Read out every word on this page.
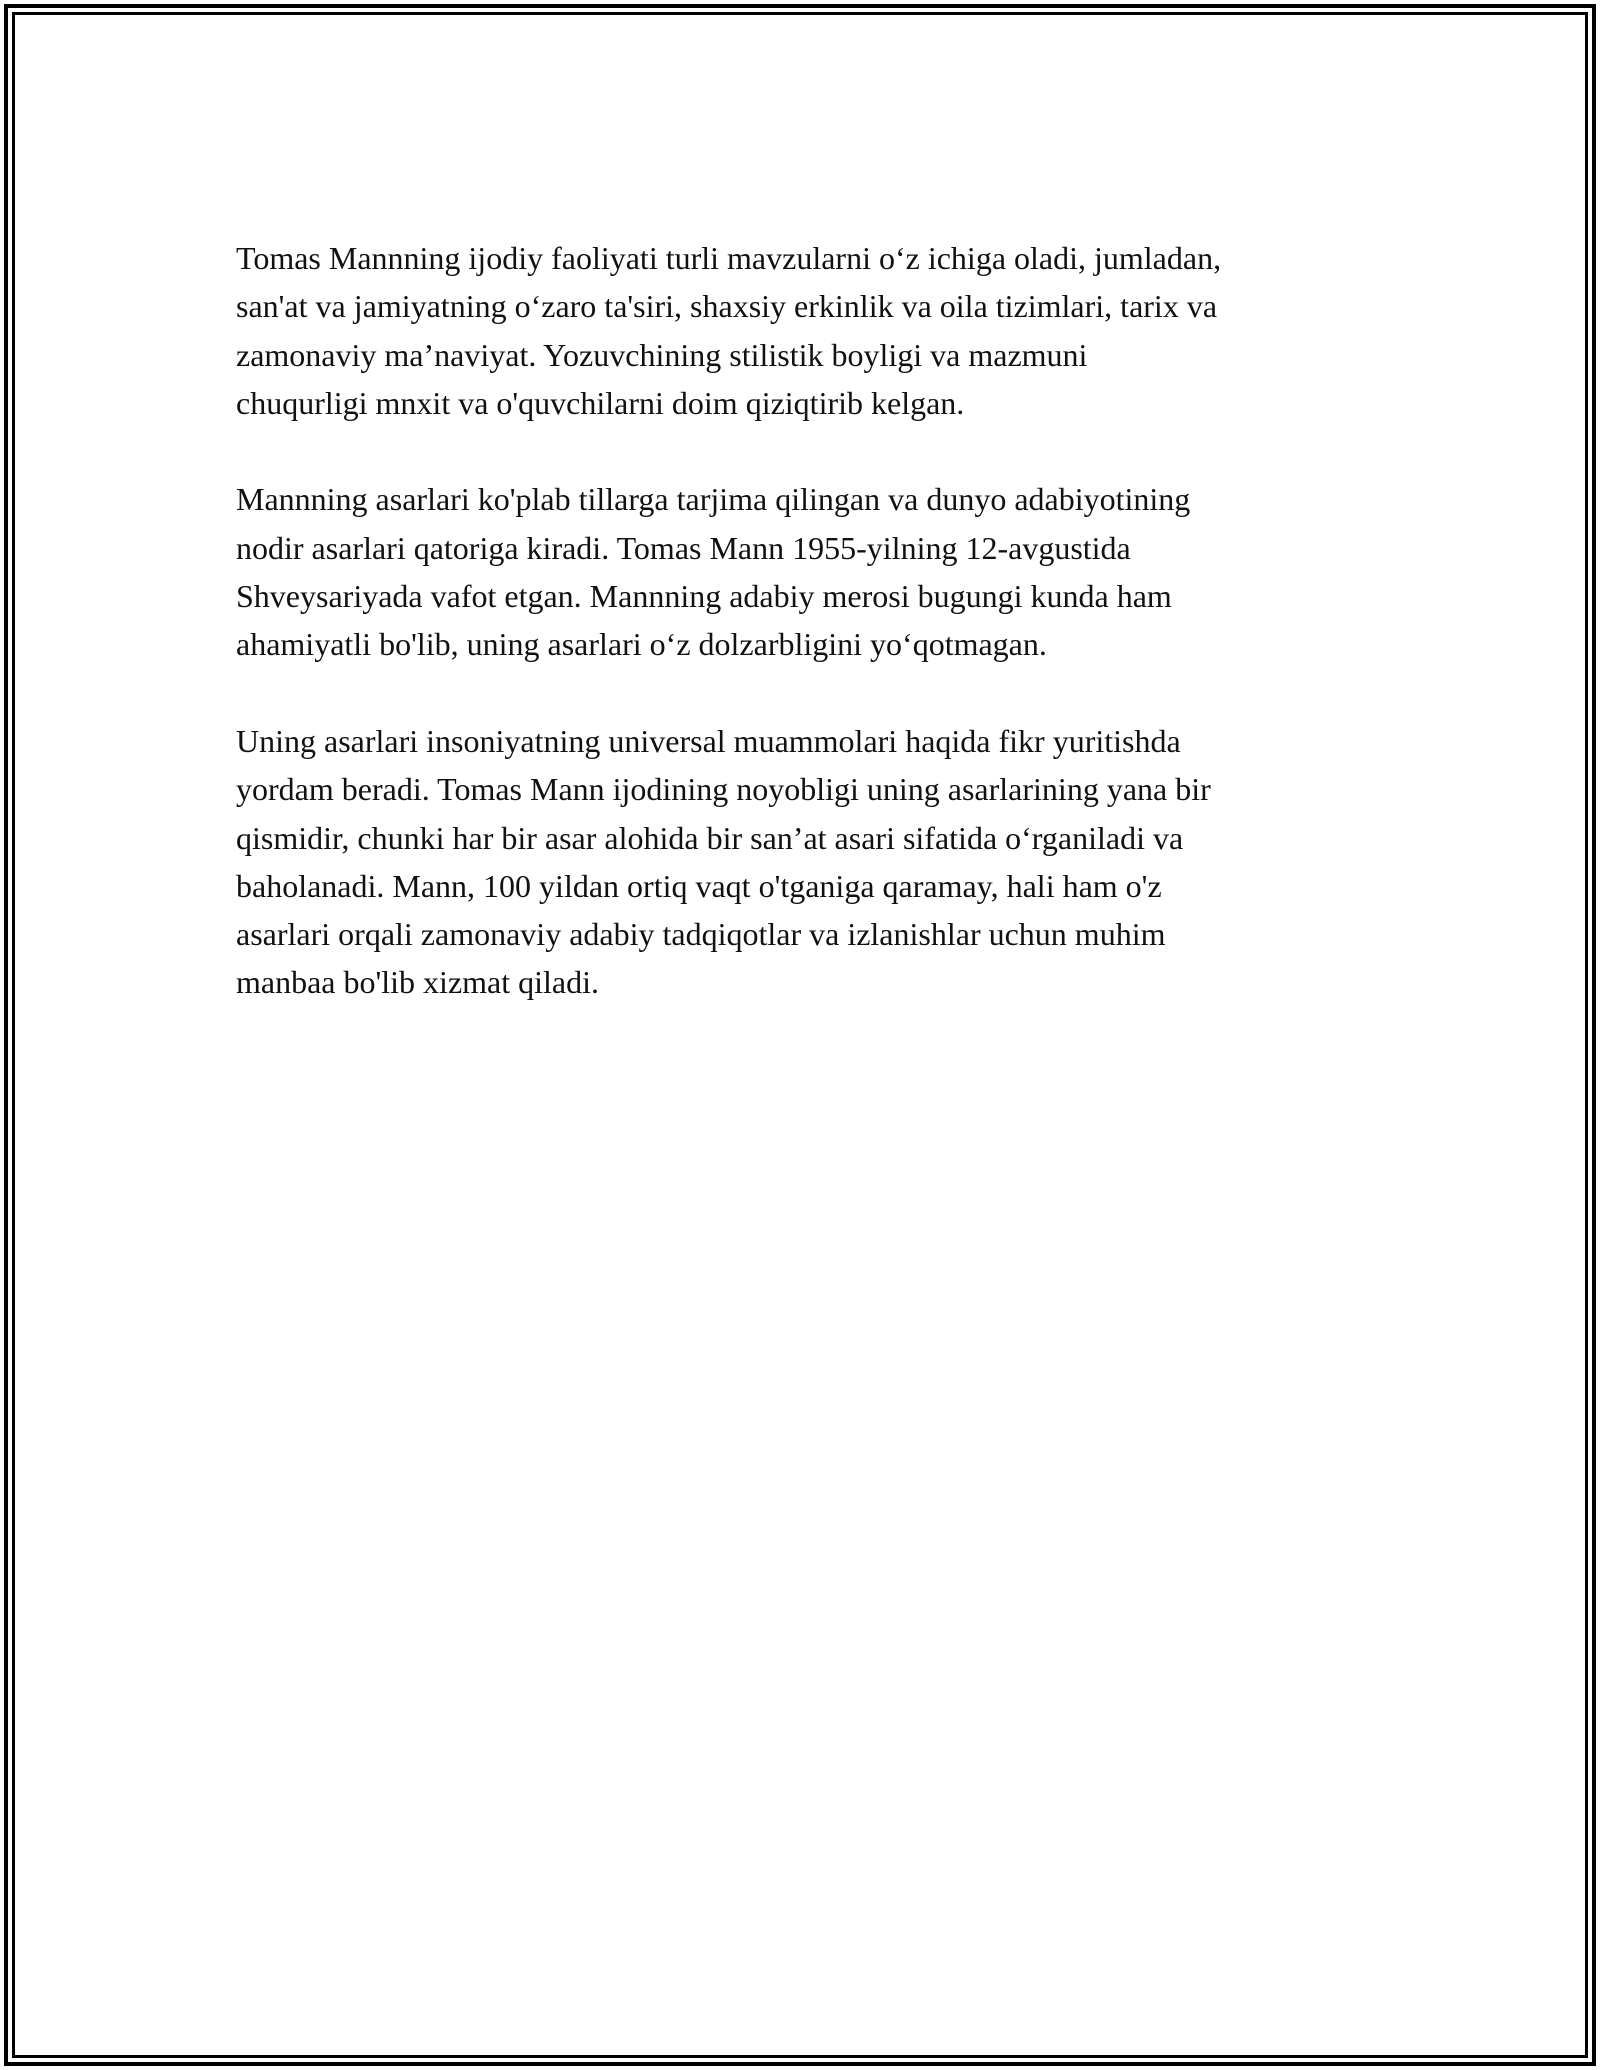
Tomas Mannning ijodiy faoliyati turli mavzularni o‘z ichiga oladi, jumladan,
san'at va jamiyatning o‘zaro ta'siri, shaxsiy erkinlik va oila tizimlari, tarix va
zamonaviy ma’naviyat. Yozuvchining stilistik boyligi va mazmuni
chuqurligi mnxit va o'quvchilarni doim qiziqtirib kelgan.

Mannning asarlari ko'plab tillarga tarjima qilingan va dunyo adabiyotining
nodir asarlari qatoriga kiradi. Tomas Mann 1955-yilning 12-avgustida
Shveysariyada vafot etgan. Mannning adabiy merosi bugungi kunda ham
ahamiyatli bo'lib, uning asarlari o‘z dolzarbligini yo‘qotmagan.

Uning asarlari insoniyatning universal muammolari haqida fikr yuritishda
yordam beradi. Tomas Mann ijodining noyobligi uning asarlarining yana bir
qismidir, chunki har bir asar alohida bir san’at asari sifatida o‘rganiladi va
baholanadi. Mann, 100 yildan ortiq vaqt o'tganiga qaramay, hali ham o'z
asarlari orqali zamonaviy adabiy tadqiqotlar va izlanishlar uchun muhim
manbaa bo'lib xizmat qiladi.
